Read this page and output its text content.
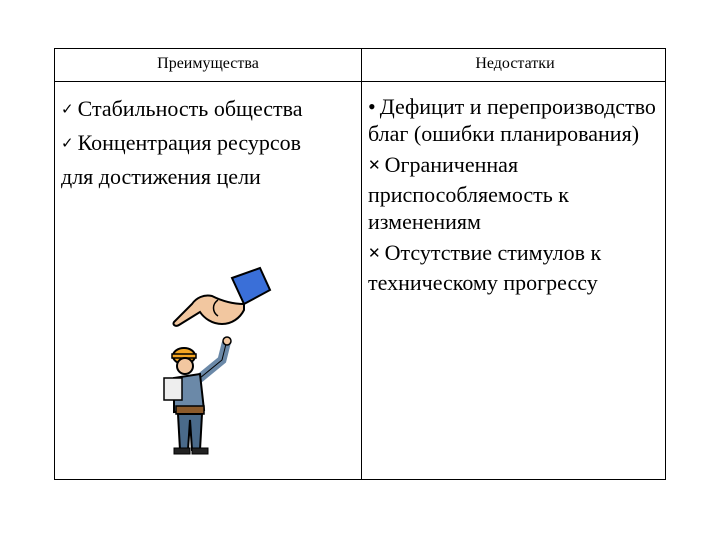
Преимущества	Недостатки
✓ Стабильность общества
✓ Концентрация ресурсов
для достижения цели
• Дефицит и перепроизводство благ (ошибки планирования)
✕ Ограниченная приспособляемость к изменениям
✕ Отсутствие стимулов к техническому прогрессу
